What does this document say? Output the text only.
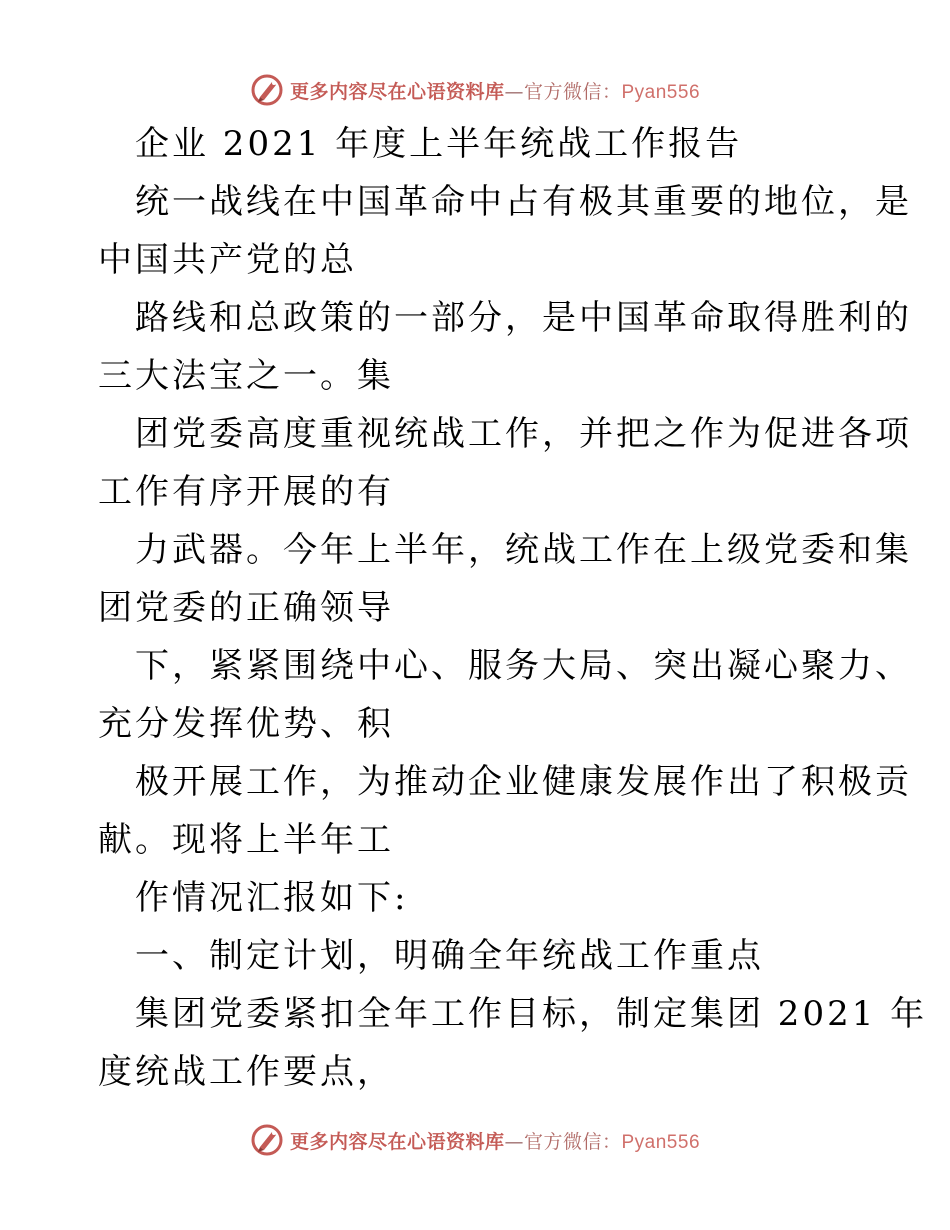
更多内容尽在心语资料库—官方微信：Pyan556
企业 2021 年度上半年统战工作报告
统一战线在中国革命中占有极其重要的地位，是
中国共产党的总
路线和总政策的一部分，是中国革命取得胜利的
三大法宝之一。集
团党委高度重视统战工作，并把之作为促进各项
工作有序开展的有
力武器。今年上半年，统战工作在上级党委和集
团党委的正确领导
下，紧紧围绕中心、服务大局、突出凝心聚力、
充分发挥优势、积
极开展工作，为推动企业健康发展作出了积极贡
献。现将上半年工
作情况汇报如下:
一、制定计划，明确全年统战工作重点
集团党委紧扣全年工作目标，制定集团 2021 年
度统战工作要点，
更多内容尽在心语资料库—官方微信：Pyan556
